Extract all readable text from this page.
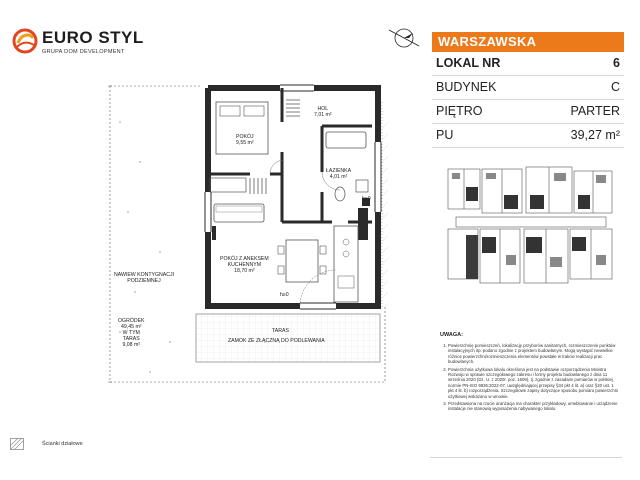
EURO STYL
GRUPA DOM DEVELOPMENT
WARSZAWSKA
LOKAL NR	6
BUDYNEK	C
PIĘTRO	PARTER
PU	39,27 m²
HOL
7,01 m²
POKÓJ
9,55 m²
ŁAZIENKA
4,01 m²
POKÓJ Z ANEKSEM
KUCHENNYM
18,70 m²
NAWIEW KONTYGNACJI
PODZIEMNEJ
OGRÓDEK
49,45 m²
W TYM
TARAS
9,08 m²
TARAS
ZAMOK ZE ZŁĄCZNĄ DO PODLEWANIA
h≥0
h≥0
UWAGA:
1. Powierzchnię pomieszczeń, lokalizację przyborów sanitarnych, rozmieszczenie punktów instalacyjnych itp. podano zgodnie z projektem budowlanym. Mogą wystąpić niewielkie różnice powierzchni/rozmieszczenia elementów powstałe w trakcie realizacji prac budowlanych.
2. Powierzchnia użytkowa lokalu określona jest na podstawie rozporządzenia Ministra Rozwoju w sprawie szczegółowego zakresu i formy projektu budowlanego z dnia 11 września 2020 (Dz. U. z 2020r. poz. 1609), tj. zgodnie z zasadami pomiarów w polskiej normie PN-ISO 9836:2022-07, uwzględniającej przepisy §34 pkt 4 lit. a) oraz §20 ust. 1 pkt 4 lit. b) rozporządzenia. Szczegółowe zapisy dotyczące sposobu pomiaru powierzchni użytkowej wskazano w umowie.
3. Przedstawiona na rzucie aranżacja ma charakter przykładowy, umeblowanie i urządzenie instalacje nie stanowią wyposażenia nabywanego lokalu.
Ścianki działowe
